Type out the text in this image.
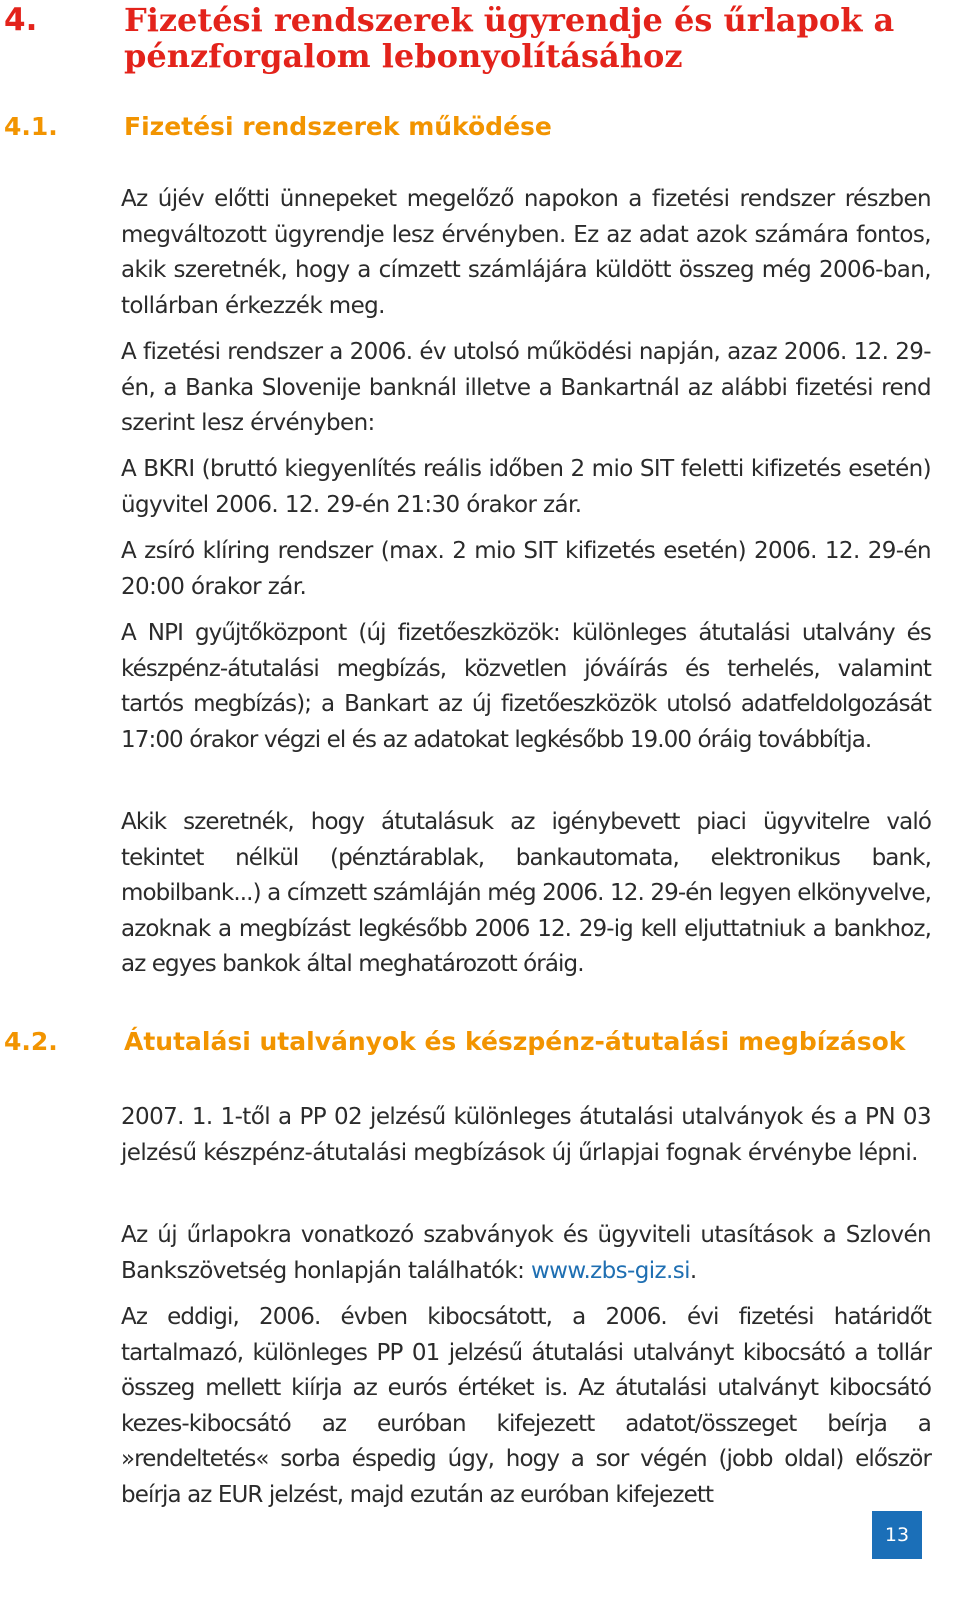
4.	Fizetési rendszerek ügyrendje és űrlapok a pénzforgalom lebonyolításához
4.1.	Fizetési rendszerek működése

Az újév előtti ünnepeket megelőző napokon a fizetési rendszer részben megváltozott ügyrendje lesz érvényben. Ez az adat azok számára fontos, akik szeretnék, hogy a címzett számlájára küldött összeg még 2006-ban, tollárban érkezzék meg.

A fizetési rendszer a 2006. év utolsó működési napján, azaz 2006. 12. 29-én, a Banka Slovenije banknál illetve a Bankartnál az alábbi fizetési rend szerint lesz érvényben:

A BKRI (bruttó kiegyenlítés reális időben 2 mio SIT feletti kifizetés esetén) ügyvitel 2006. 12. 29-én 21:30 órakor zár.

A zsíró klíring rendszer (max. 2 mio SIT kifizetés esetén) 2006. 12. 29-én 20:00 órakor zár.

A NPI gyűjtőközpont (új fizetőeszközök: különleges átutalási utalvány és készpénz-átutalási megbízás, közvetlen jóváírás és terhelés, valamint tartós megbízás); a Bankart az új fizetőeszközök utolsó adatfeldolgozását 17:00 órakor végzi el és az adatokat legkésőbb 19.00 óráig továbbítja.

Akik szeretnék, hogy átutalásuk az igénybevett piaci ügyvitelre való tekintet nélkül (pénztárablak, bankautomata, elektronikus bank, mobilbank...) a címzett számláján még 2006. 12. 29-én legyen elkönyvelve, azoknak a megbízást legkésőbb 2006 12. 29-ig kell eljuttatniuk a bankhoz, az egyes bankok által meghatározott óráig.

4.2.	Átutalási utalványok és készpénz-átutalási megbízások

2007. 1. 1-től a PP 02 jelzésű különleges átutalási utalványok és a PN 03 jelzésű készpénz-átutalási megbízások új űrlapjai fognak érvénybe lépni.

Az új űrlapokra vonatkozó szabványok és ügyviteli utasítások a Szlovén Bankszövetség honlapján találhatók: www.zbs-giz.si.

Az eddigi, 2006. évben kibocsátott, a 2006. évi fizetési határidőt tartalmazó, különleges PP 01 jelzésű átutalási utalványt kibocsátó a tollár összeg mellett kiírja az eurós értéket is. Az átutalási utalványt kibocsátó kezes-kibocsátó az euróban kifejezett adatot/összeget beírja a »rendeltetés« sorba éspedig úgy, hogy a sor végén (jobb oldal) először beírja az EUR jelzést, majd ezután az euróban kifejezett

13
